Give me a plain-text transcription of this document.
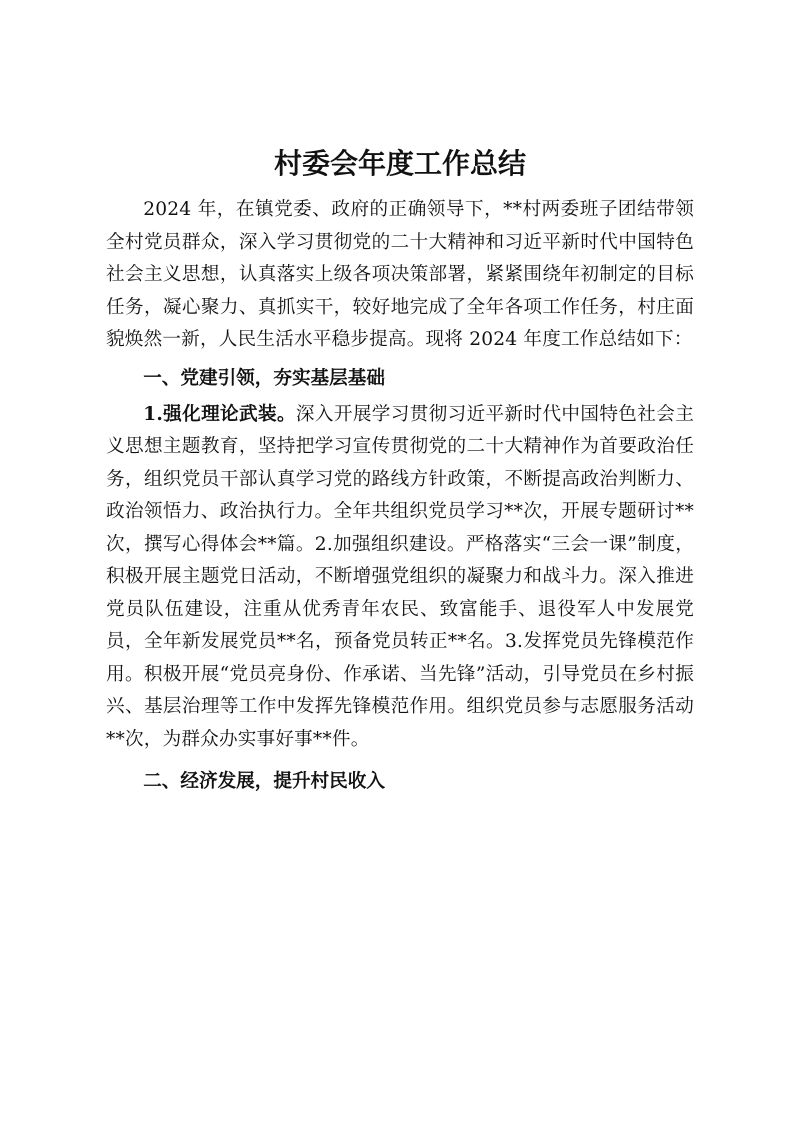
村委会年度工作总结

2024 年，在镇党委、政府的正确领导下，**村两委班子团结带领全村党员群众，深入学习贯彻党的二十大精神和习近平新时代中国特色社会主义思想，认真落实上级各项决策部署，紧紧围绕年初制定的目标任务，凝心聚力、真抓实干，较好地完成了全年各项工作任务，村庄面貌焕然一新，人民生活水平稳步提高。现将 2024 年度工作总结如下：

一、党建引领，夯实基层基础

1.强化理论武装。深入开展学习贯彻习近平新时代中国特色社会主义思想主题教育，坚持把学习宣传贯彻党的二十大精神作为首要政治任务，组织党员干部认真学习党的路线方针政策，不断提高政治判断力、政治领悟力、政治执行力。全年共组织党员学习**次，开展专题研讨**次，撰写心得体会**篇。2.加强组织建设。严格落实“三会一课”制度，积极开展主题党日活动，不断增强党组织的凝聚力和战斗力。深入推进党员队伍建设，注重从优秀青年农民、致富能手、退役军人中发展党员，全年新发展党员**名，预备党员转正**名。3.发挥党员先锋模范作用。积极开展“党员亮身份、作承诺、当先锋”活动，引导党员在乡村振兴、基层治理等工作中发挥先锋模范作用。组织党员参与志愿服务活动**次，为群众办实事好事**件。

二、经济发展，提升村民收入
